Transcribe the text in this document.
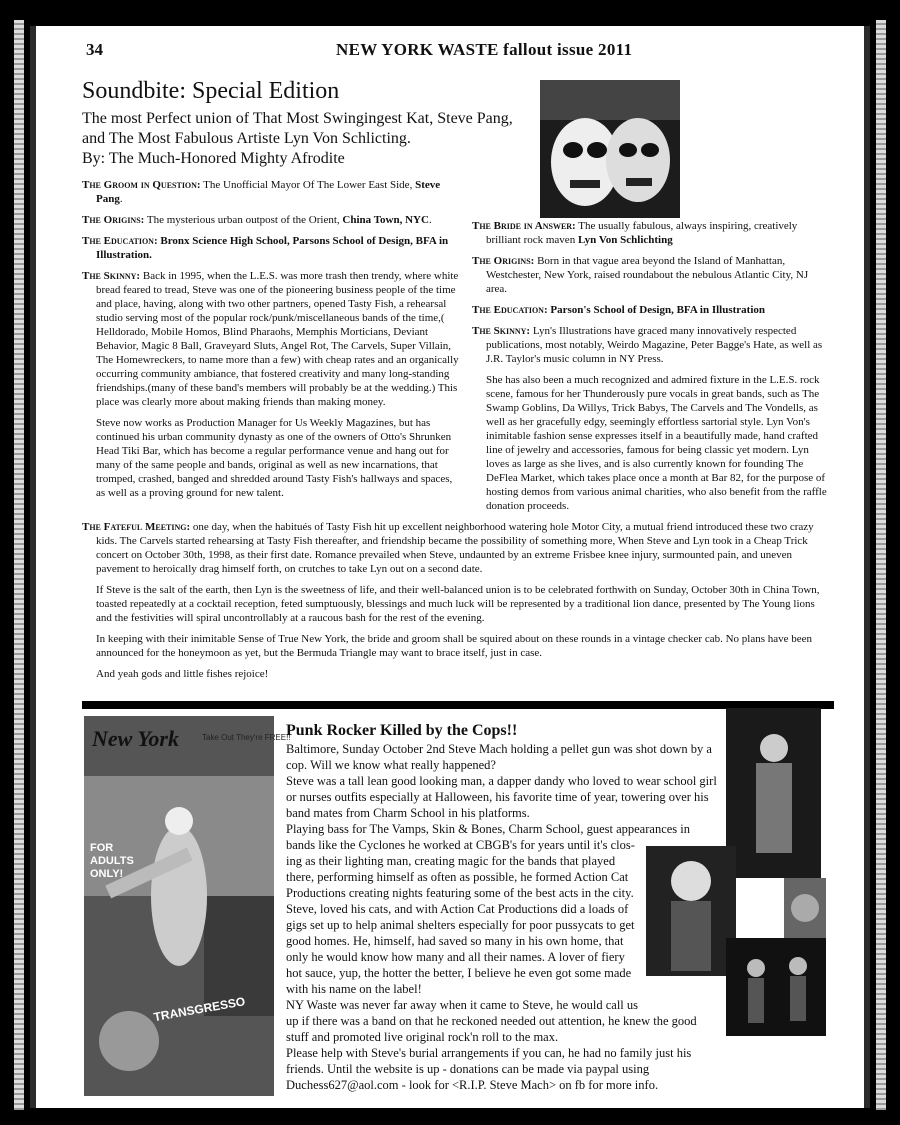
34	NEW YORK WASTE fallout issue 2011
Soundbite: Special Edition
The most Perfect union of That Most Swingingest Kat, Steve Pang, and The Most Fabulous Artiste Lyn Von Schlicting.
By: The Much-Honored Mighty Afrodite

The Groom in Question: The Unofficial Mayor Of The Lower East Side, Steve Pang.

The Origins: The mysterious urban outpost of the Orient, China Town, NYC.

The Education: Bronx Science High School, Parsons School of Design, BFA in Illustration.

The Skinny: Back in 1995, when the L.E.S. was more trash then trendy, where white bread feared to tread, Steve was one of the pioneering business people of the time and place, having, along with two other partners, opened Tasty Fish, a rehearsal studio serving most of the popular rock/punk/miscellaneous bands of the time,( Helldorado, Mobile Homos, Blind Pharaohs, Memphis Morticians, Deviant Behavior, Magic 8 Ball, Graveyard Sluts, Angel Rot, The Carvels, Super Villain, The Homewreckers, to name more than a few) with cheap rates and an organically occurring community ambiance, that fostered creativity and many long-standing friendships.(many of these band's members will probably be at the wedding.) This place was clearly more about making friends than making money.

Steve now works as Production Manager for Us Weekly Magazines, but has continued his urban community dynasty as one of the owners of Otto's Shrunken Head Tiki Bar, which has become a regular performance venue and hang out for many of the same people and bands, original as well as new incarnations, that tromped, crashed, banged and shredded around Tasty Fish's hallways and spaces, as well as a proving ground for new talent.

The Bride in Answer: The usually fabulous, always inspiring, creatively brilliant rock maven Lyn Von Schlichting

The Origins: Born in that vague area beyond the Island of Manhattan, Westchester, New York, raised roundabout the nebulous Atlantic City, NJ area.

The Education: Parson's School of Design, BFA in Illustration

The Skinny: Lyn's Illustrations have graced many innovatively respected publications, most notably, Weirdo Magazine, Peter Bagge's Hate, as well as J.R. Taylor's music column in NY Press.

She has also been a much recognized and admired fixture in the L.E.S. rock scene, famous for her Thunderously pure vocals in great bands, such as The Swamp Goblins, Da Willys, Trick Babys, The Carvels and The Vondells, as well as her gracefully edgy, seemingly effortless sartorial style. Lyn Von's inimitable fashion sense expresses itself in a beautifully made, hand crafted line of jewelry and accessories, famous for being classic yet modern. Lyn loves as large as she lives, and is also currently known for founding The DeFlea Market, which takes place once a month at Bar 82, for the purpose of hosting demos from various animal charities, who also benefit from the raffle donation proceeds.

The Fateful Meeting: one day, when the habitués of Tasty Fish hit up excellent neighborhood watering hole Motor City, a mutual friend introduced these two crazy kids. The Carvels started rehearsing at Tasty Fish thereafter, and friendship became the possibility of something more, When Steve and Lyn took in a Cheap Trick concert on October 30th, 1998, as their first date. Romance prevailed when Steve, undaunted by an extreme Frisbee knee injury, surmounted pain, and uneven pavement to heroically drag himself forth, on crutches to take Lyn out on a second date.

If Steve is the salt of the earth, then Lyn is the sweetness of life, and their well-balanced union is to be celebrated forthwith on Sunday, October 30th in China Town, toasted repeatedly at a cocktail reception, feted sumptuously, blessings and much luck will be represented by a traditional lion dance, presented by The Young lions and the festivities will spiral uncontrollably at a raucous bash for the rest of the evening.

In keeping with their inimitable Sense of True New York, the bride and groom shall be squired about on these rounds in a vintage checker cab. No plans have been announced for the honeymoon as yet, but the Bermuda Triangle may want to brace itself, just in case.

And yeah gods and little fishes rejoice!

New York
FOR
ADULTS
ONLY!
Take Out They're FREE!!
TRANSGRESSO
Punk Rocker Killed by the Cops!!

Baltimore, Sunday October 2nd Steve Mach holding a pellet gun was shot down by a

cop. Will we know what really happened?

Steve was a tall lean good looking man, a dapper dandy who loved to wear school girl

or nurses outfits especially at Halloween, his favorite time of year, towering over his

band mates from Charm School in his platforms.

Playing bass for The Vamps, Skin & Bones, Charm School, guest appearances in

bands like the Cyclones he worked at CBGB's for years until it's clos-

ing as their lighting man, creating magic for the bands that played

there, performing himself as often as possible, he formed Action Cat

Productions creating nights featuring some of the best acts in the city.

Steve, loved his cats, and with Action Cat Productions did a loads of

gigs set up to help animal shelters especially for poor pussycats to get

good homes. He, himself, had saved so many in his own home, that

only he would know how many and all their names. A lover of fiery

hot sauce, yup, the hotter the better, I believe he even got some made

with his name on the label!

NY Waste was never far away when it came to Steve, he would call us

up if there was a band on that he reckoned needed out attention, he knew the good

stuff and promoted live original rock'n roll to the max.

Please help with Steve's burial arrangements if you can, he had no family just his

friends. Until the website is up - donations can be made via paypal using

Duchess627@aol.com - look for <R.I.P. Steve Mach> on fb for more info.
